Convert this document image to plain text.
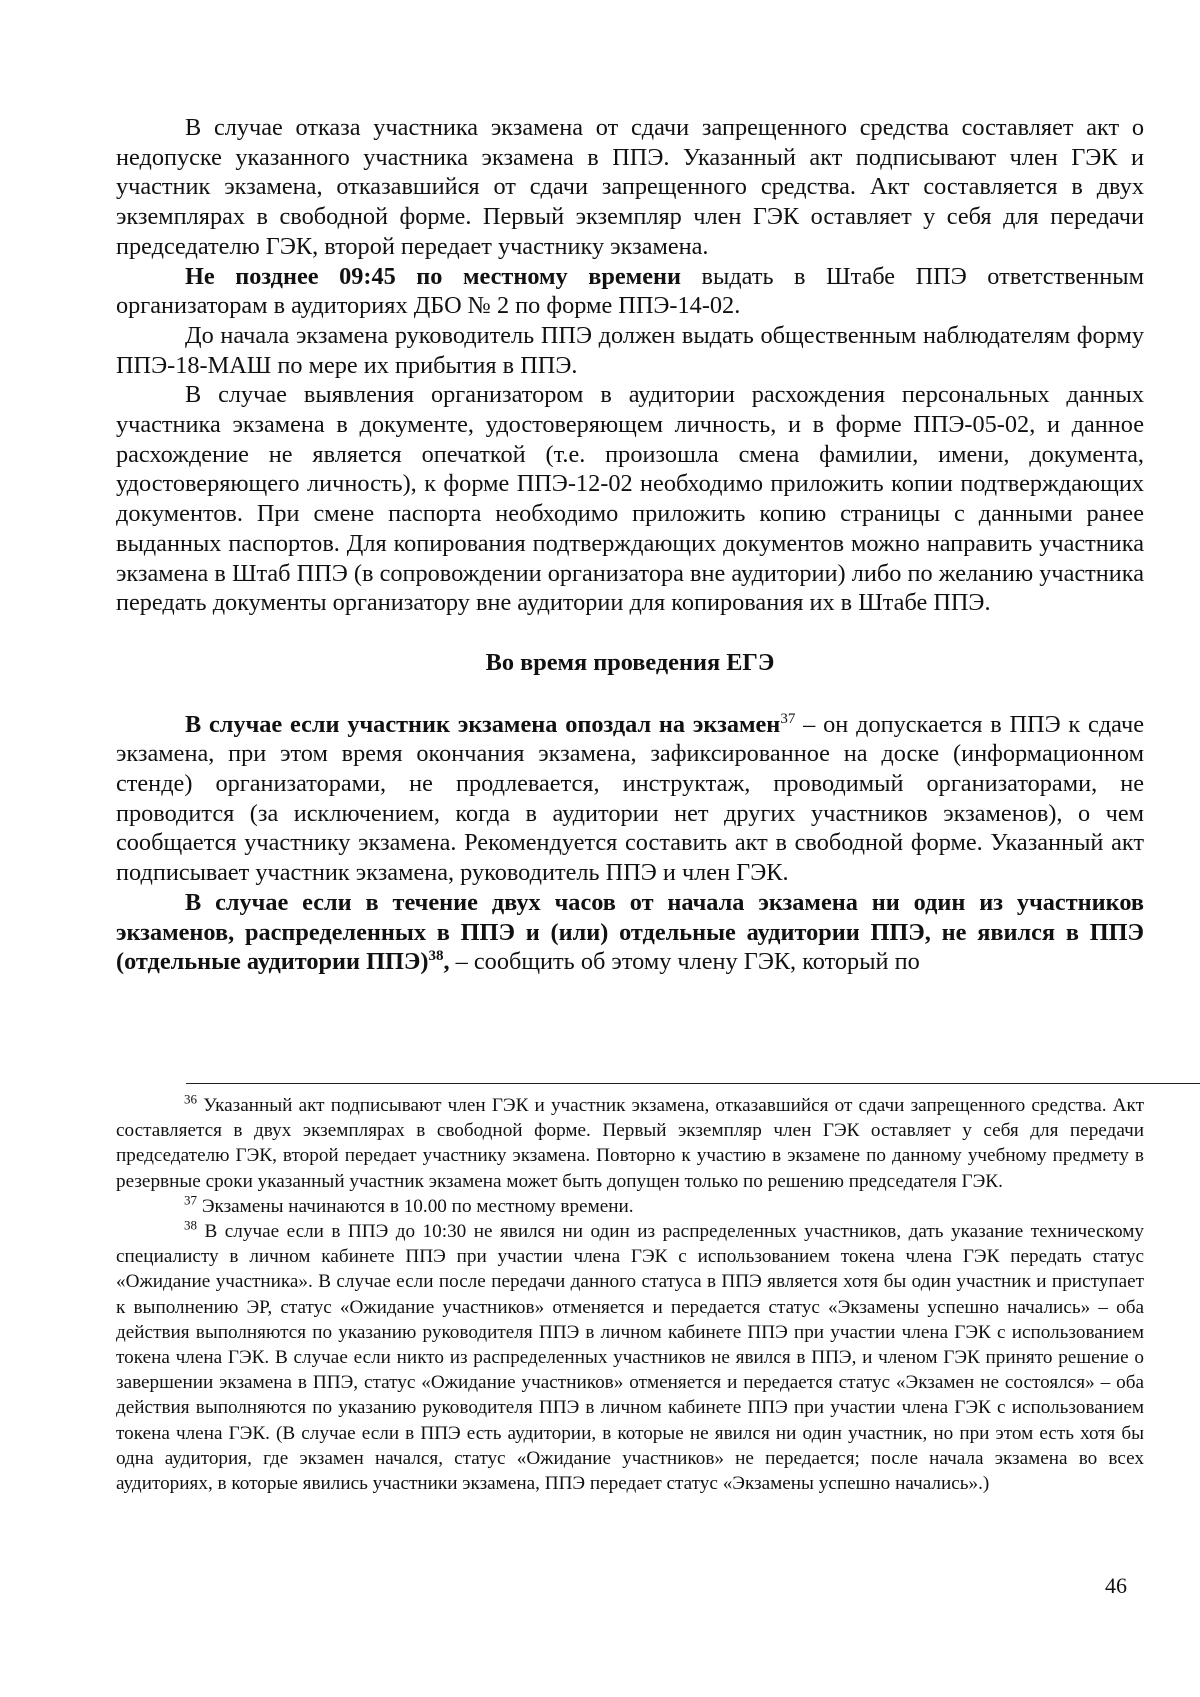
В случае отказа участника экзамена от сдачи запрещенного средства составляет акт о недопуске указанного участника экзамена в ППЭ. Указанный акт подписывают член ГЭК и участник экзамена, отказавшийся от сдачи запрещенного средства. Акт составляется в двух экземплярах в свободной форме. Первый экземпляр член ГЭК оставляет у себя для передачи председателю ГЭК, второй передает участнику экзамена.

Не позднее 09:45 по местному времени выдать в Штабе ППЭ ответственным организаторам в аудиториях ДБО № 2 по форме ППЭ-14-02.

До начала экзамена руководитель ППЭ должен выдать общественным наблюдателям форму ППЭ-18-МАШ по мере их прибытия в ППЭ.

В случае выявления организатором в аудитории расхождения персональных данных участника экзамена в документе, удостоверяющем личность, и в форме ППЭ-05-02, и данное расхождение не является опечаткой (т.е. произошла смена фамилии, имени, документа, удостоверяющего личность), к форме ППЭ-12-02 необходимо приложить копии подтверждающих документов. При смене паспорта необходимо приложить копию страницы с данными ранее выданных паспортов. Для копирования подтверждающих документов можно направить участника экзамена в Штаб ППЭ (в сопровождении организатора вне аудитории) либо по желанию участника передать документы организатору вне аудитории для копирования их в Штабе ППЭ.

Во время проведения ЕГЭ

В случае если участник экзамена опоздал на экзамен$^{37}$ – он допускается в ППЭ к сдаче экзамена, при этом время окончания экзамена, зафиксированное на доске (информационном стенде) организаторами, не продлевается, инструктаж, проводимый организаторами, не проводится (за исключением, когда в аудитории нет других участников экзаменов), о чем сообщается участнику экзамена. Рекомендуется составить акт в свободной форме. Указанный акт подписывает участник экзамена, руководитель ППЭ и член ГЭК.

В случае если в течение двух часов от начала экзамена ни один из участников экзаменов, распределенных в ППЭ и (или) отдельные аудитории ППЭ, не явился в ППЭ (отдельные аудитории ППЭ)$^{38}$, – сообщить об этому члену ГЭК, который по

$^{36}$ Указанный акт подписывают член ГЭК и участник экзамена, отказавшийся от сдачи запрещенного средства. Акт составляется в двух экземплярах в свободной форме. Первый экземпляр член ГЭК оставляет у себя для передачи председателю ГЭК, второй передает участнику экзамена. Повторно к участию в экзамене по данному учебному предмету в резервные сроки указанный участник экзамена может быть допущен только по решению председателя ГЭК.

$^{37}$ Экзамены начинаются в 10.00 по местному времени.

$^{38}$ В случае если в ППЭ до 10:30 не явился ни один из распределенных участников, дать указание техническому специалисту в личном кабинете ППЭ при участии члена ГЭК с использованием токена члена ГЭК передать статус «Ожидание участника». В случае если после передачи данного статуса в ППЭ является хотя бы один участник и приступает к выполнению ЭР, статус «Ожидание участников» отменяется и передается статус «Экзамены успешно начались» – оба действия выполняются по указанию руководителя ППЭ в личном кабинете ППЭ при участии члена ГЭК с использованием токена члена ГЭК. В случае если никто из распределенных участников не явился в ППЭ, и членом ГЭК принято решение о завершении экзамена в ППЭ, статус «Ожидание участников» отменяется и передается статус «Экзамен не состоялся» – оба действия выполняются по указанию руководителя ППЭ в личном кабинете ППЭ при участии члена ГЭК с использованием токена члена ГЭК. (В случае если в ППЭ есть аудитории, в которые не явился ни один участник, но при этом есть хотя бы одна аудитория, где экзамен начался, статус «Ожидание участников» не передается; после начала экзамена во всех аудиториях, в которые явились участники экзамена, ППЭ передает статус «Экзамены успешно начались».)

46
